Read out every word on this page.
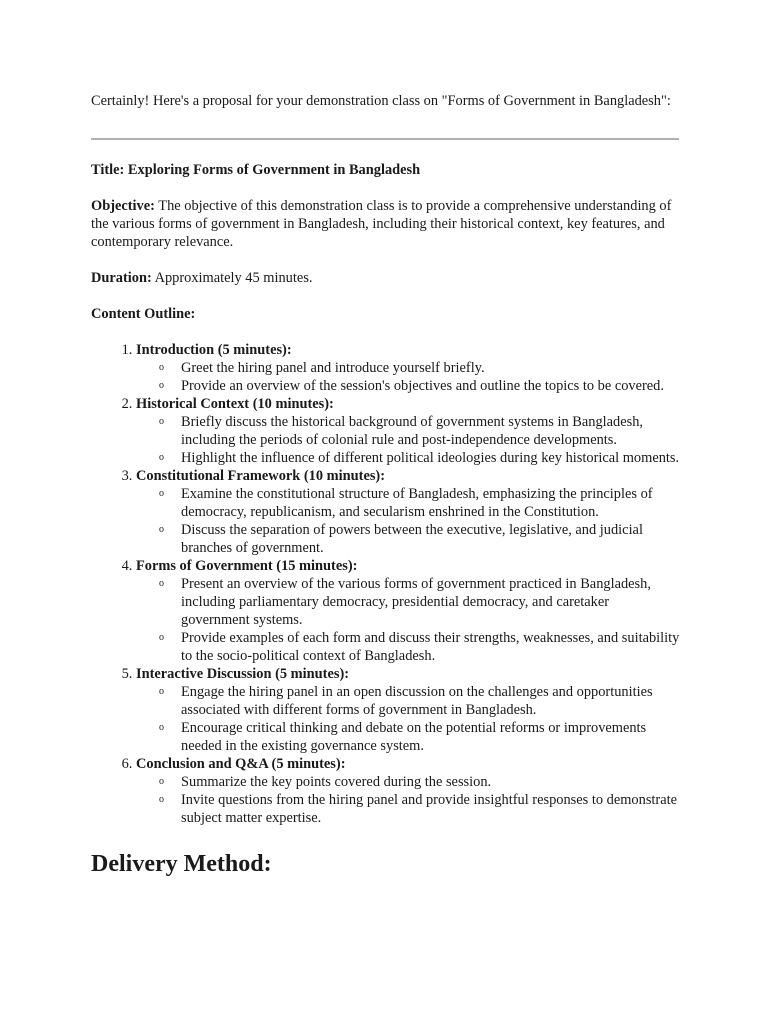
Certainly! Here's a proposal for your demonstration class on "Forms of Government in Bangladesh":

Title: Exploring Forms of Government in Bangladesh

Objective: The objective of this demonstration class is to provide a comprehensive understanding of the various forms of government in Bangladesh, including their historical context, key features, and contemporary relevance.

Duration: Approximately 45 minutes.

Content Outline:

1. Introduction (5 minutes):
o Greet the hiring panel and introduce yourself briefly.
o Provide an overview of the session's objectives and outline the topics to be covered.
2. Historical Context (10 minutes):
o Briefly discuss the historical background of government systems in Bangladesh, including the periods of colonial rule and post-independence developments.
o Highlight the influence of different political ideologies during key historical moments.
3. Constitutional Framework (10 minutes):
o Examine the constitutional structure of Bangladesh, emphasizing the principles of democracy, republicanism, and secularism enshrined in the Constitution.
o Discuss the separation of powers between the executive, legislative, and judicial branches of government.
4. Forms of Government (15 minutes):
o Present an overview of the various forms of government practiced in Bangladesh, including parliamentary democracy, presidential democracy, and caretaker government systems.
o Provide examples of each form and discuss their strengths, weaknesses, and suitability to the socio-political context of Bangladesh.
5. Interactive Discussion (5 minutes):
o Engage the hiring panel in an open discussion on the challenges and opportunities associated with different forms of government in Bangladesh.
o Encourage critical thinking and debate on the potential reforms or improvements needed in the existing governance system.
6. Conclusion and Q&A (5 minutes):
o Summarize the key points covered during the session.
o Invite questions from the hiring panel and provide insightful responses to demonstrate subject matter expertise.
Delivery Method:
